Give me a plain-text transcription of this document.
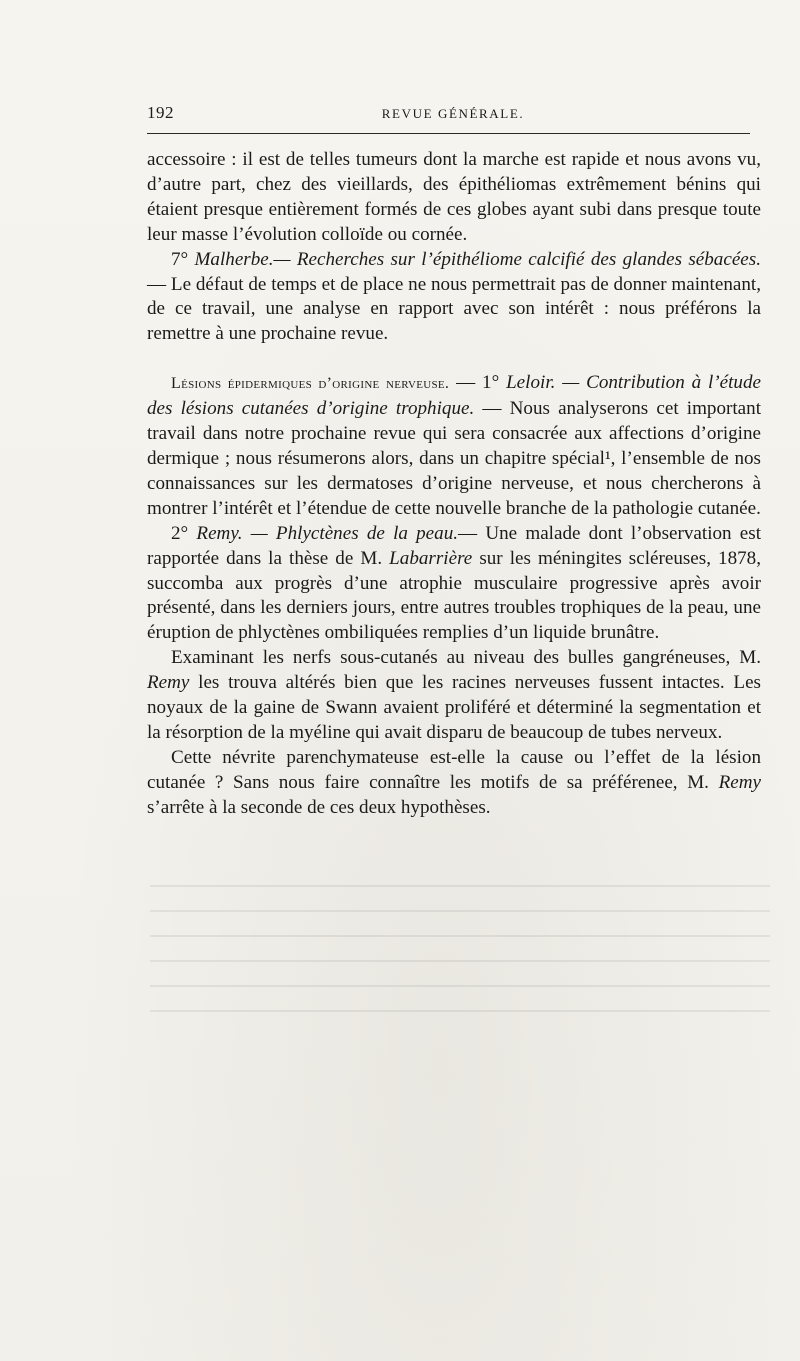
192	REVUE GÉNÉRALE.

accessoire : il est de telles tumeurs dont la marche est rapide et nous avons vu, d’autre part, chez des vieillards, des épithéliomas extrêmement bénins qui étaient presque entièrement formés de ces globes ayant subi dans presque toute leur masse l’évolution colloïde ou cornée.

7° Malherbe.— Recherches sur l’épithéliome calcifié des glandes sébacées. — Le défaut de temps et de place ne nous permettrait pas de donner maintenant, de ce travail, une analyse en rapport avec son intérêt : nous préférons la remettre à une prochaine revue.

Lésions épidermiques d’origine nerveuse. — 1° Leloir. — Contribution à l’étude des lésions cutanées d’origine trophique. — Nous analyserons cet important travail dans notre prochaine revue qui sera consacrée aux affections d’origine dermique ; nous résumerons alors, dans un chapitre spécial¹, l’ensemble de nos connaissances sur les dermatoses d’origine nerveuse, et nous chercherons à montrer l’intérêt et l’étendue de cette nouvelle branche de la pathologie cutanée.

2° Remy. — Phlyctènes de la peau.— Une malade dont l’observation est rapportée dans la thèse de M. Labarrière sur les méningites scléreuses, 1878, succomba aux progrès d’une atrophie musculaire progressive après avoir présenté, dans les derniers jours, entre autres troubles trophiques de la peau, une éruption de phlyctènes ombiliquées remplies d’un liquide brunâtre.

Examinant les nerfs sous-cutanés au niveau des bulles gangréneuses, M. Remy les trouva altérés bien que les racines nerveuses fussent intactes. Les noyaux de la gaine de Swann avaient proliféré et déterminé la segmentation et la résorption de la myéline qui avait disparu de beaucoup de tubes nerveux.

Cette névrite parenchymateuse est-elle la cause ou l’effet de la lésion cutanée ? Sans nous faire connaître les motifs de sa préférenee, M. Remy s’arrête à la seconde de ces deux hypothèses.
